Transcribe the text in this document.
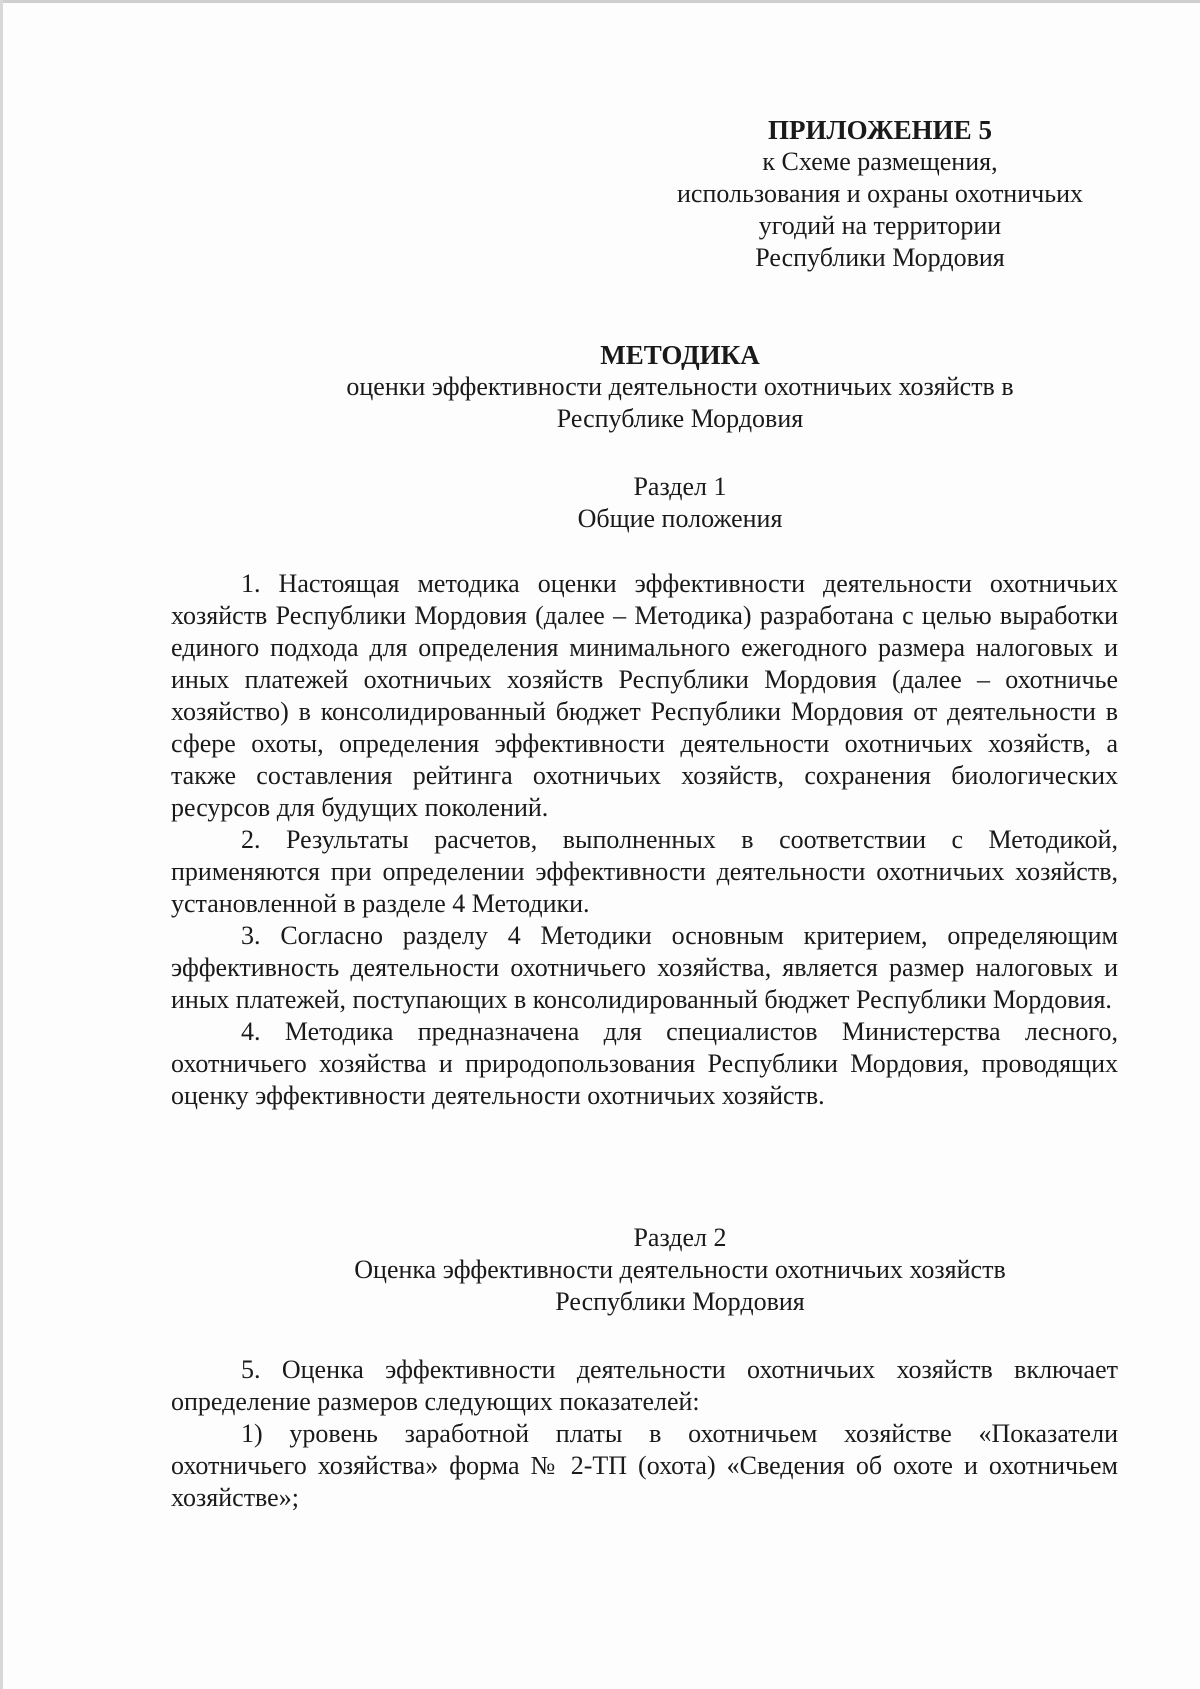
ПРИЛОЖЕНИЕ 5
к Схеме размещения,
использования и охраны охотничьих
угодий на территории
Республики Мордовия
МЕТОДИКА
оценки эффективности деятельности охотничьих хозяйств в
Республике Мордовия
Раздел 1
Общие положения

1. Настоящая методика оценки эффективности деятельности охотничьих хозяйств Республики Мордовия (далее – Методика) разработана с целью выработки единого подхода для определения минимального ежегодного размера налоговых и иных платежей охотничьих хозяйств Республики Мордовия (далее – охотничье хозяйство) в консолидированный бюджет Республики Мордовия от деятельности в сфере охоты, определения эффективности деятельности охотничьих хозяйств, а также составления рейтинга охотничьих хозяйств, сохранения биологических ресурсов для будущих поколений.

2. Результаты расчетов, выполненных в соответствии с Методикой, применяются при определении эффективности деятельности охотничьих хозяйств, установленной в разделе 4 Методики.

3. Согласно разделу 4 Методики основным критерием, определяющим эффективность деятельности охотничьего хозяйства, является размер налоговых и иных платежей, поступающих в консолидированный бюджет Республики Мордовия.

4. Методика предназначена для специалистов Министерства лесного, охотничьего хозяйства и природопользования Республики Мордовия, проводящих оценку эффективности деятельности охотничьих хозяйств.

Раздел 2
Оценка эффективности деятельности охотничьих хозяйств
Республики Мордовия

5. Оценка эффективности деятельности охотничьих хозяйств включает определение размеров следующих показателей:

1) уровень заработной платы в охотничьем хозяйстве «Показатели охотничьего хозяйства» форма № 2-ТП (охота) «Сведения об охоте и охотничьем хозяйстве»;
